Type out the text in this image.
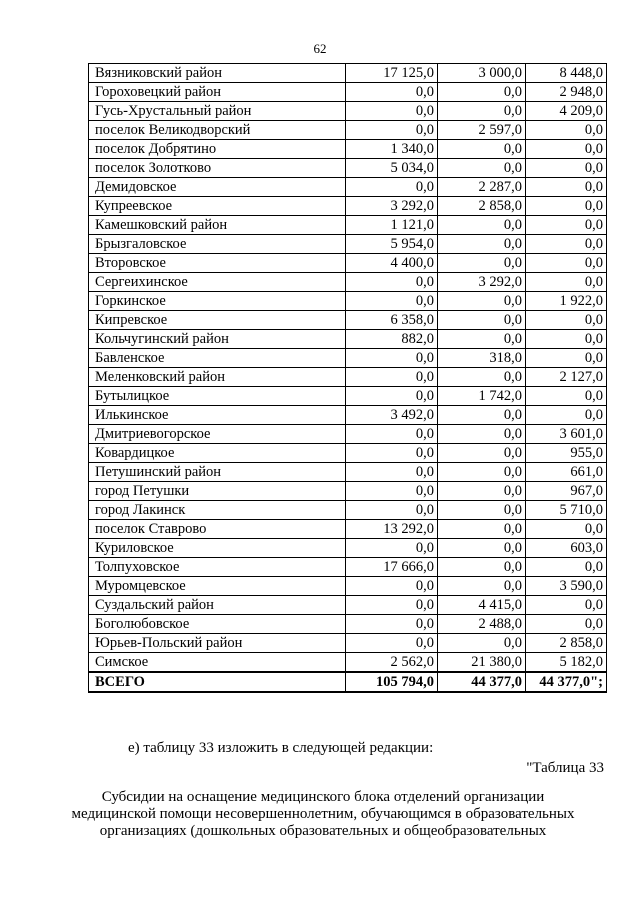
62
Вязниковский район	17 125,0	3 000,0	8 448,0
Гороховецкий район	0,0	0,0	2 948,0
Гусь-Хрустальный район	0,0	0,0	4 209,0
поселок Великодворский	0,0	2 597,0	0,0
поселок Добрятино	1 340,0	0,0	0,0
поселок Золотково	5 034,0	0,0	0,0
Демидовское	0,0	2 287,0	0,0
Купреевское	3 292,0	2 858,0	0,0
Камешковский район	1 121,0	0,0	0,0
Брызгаловское	5 954,0	0,0	0,0
Второвское	4 400,0	0,0	0,0
Сергеихинское	0,0	3 292,0	0,0
Горкинское	0,0	0,0	1 922,0
Кипревское	6 358,0	0,0	0,0
Кольчугинский район	882,0	0,0	0,0
Бавленское	0,0	318,0	0,0
Меленковский район	0,0	0,0	2 127,0
Бутылицкое	0,0	1 742,0	0,0
Илькинское	3 492,0	0,0	0,0
Дмитриевогорское	0,0	0,0	3 601,0
Ковардицкое	0,0	0,0	955,0
Петушинский район	0,0	0,0	661,0
город Петушки	0,0	0,0	967,0
город Лакинск	0,0	0,0	5 710,0
поселок Ставрово	13 292,0	0,0	0,0
Куриловское	0,0	0,0	603,0
Толпуховское	17 666,0	0,0	0,0
Муромцевское	0,0	0,0	3 590,0
Суздальский район	0,0	4 415,0	0,0
Боголюбовское	0,0	2 488,0	0,0
Юрьев-Польский район	0,0	0,0	2 858,0
Симское	2 562,0	21 380,0	5 182,0
ВСЕГО	105 794,0	44 377,0	44 377,0";
е) таблицу 33 изложить в следующей редакции:
"Таблица 33
Субсидии на оснащение медицинского блока отделений организации
медицинской помощи несовершеннолетним, обучающимся в образовательных
организациях (дошкольных образовательных и общеобразовательных
